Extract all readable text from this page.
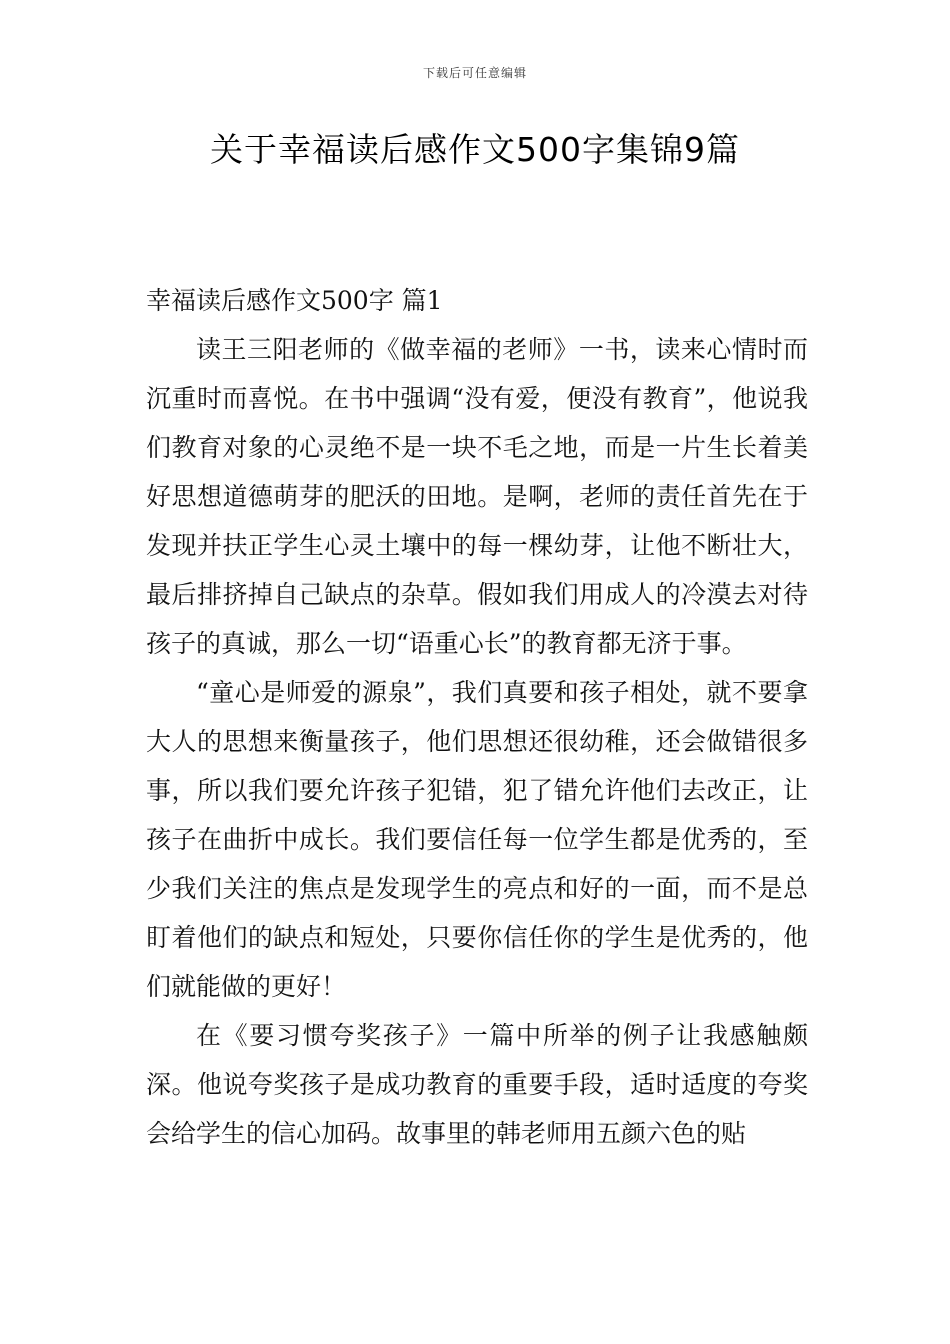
下载后可任意编辑
关于幸福读后感作文500字集锦9篇
幸福读后感作文500字 篇1

读王三阳老师的《做幸福的老师》一书，读来心情时而沉重时而喜悦。在书中强调“没有爱，便没有教育”，他说我们教育对象的心灵绝不是一块不毛之地，而是一片生长着美好思想道德萌芽的肥沃的田地。是啊，老师的责任首先在于发现并扶正学生心灵土壤中的每一棵幼芽，让他不断壮大，最后排挤掉自己缺点的杂草。假如我们用成人的冷漠去对待孩子的真诚，那么一切“语重心长”的教育都无济于事。

“童心是师爱的源泉”，我们真要和孩子相处，就不要拿大人的思想来衡量孩子，他们思想还很幼稚，还会做错很多事，所以我们要允许孩子犯错，犯了错允许他们去改正，让孩子在曲折中成长。我们要信任每一位学生都是优秀的，至少我们关注的焦点是发现学生的亮点和好的一面，而不是总盯着他们的缺点和短处，只要你信任你的学生是优秀的，他们就能做的更好！

在《要习惯夸奖孩子》一篇中所举的例子让我感触颇深。他说夸奖孩子是成功教育的重要手段，适时适度的夸奖会给学生的信心加码。故事里的韩老师用五颜六色的贴
